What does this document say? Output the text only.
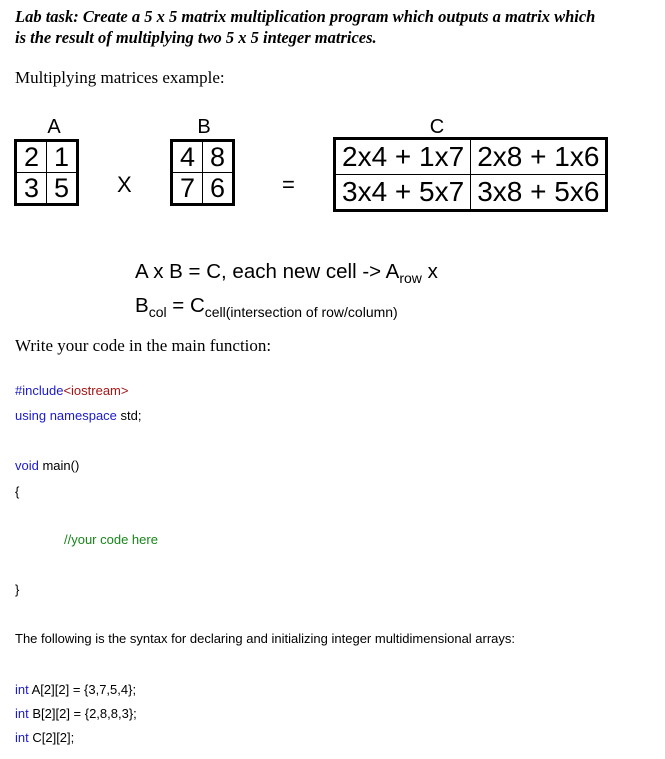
Lab task: Create a 5 x 5 matrix multiplication program which outputs a matrix which
is the result of multiplying two 5 x 5 integer matrices.
Multiplying matrices example:
A
2	1
3	5 X
B
4	8
7	6	=
C
2x4 + 1x7	2x8 + 1x6
3x4 + 5x7	3x8 + 5x6
A x B = C, each new cell -> $A_{row}$ x
$B_{col} = C_{cell(intersection of row/column)}$
Write your code in the main function:
#include<iostream>
using namespace std;
void main()
{
//your code here
}
The following is the syntax for declaring and initializing integer multidimensional arrays:
int A[2][2] = {3,7,5,4};
int B[2][2] = {2,8,8,3};
int C[2][2];
